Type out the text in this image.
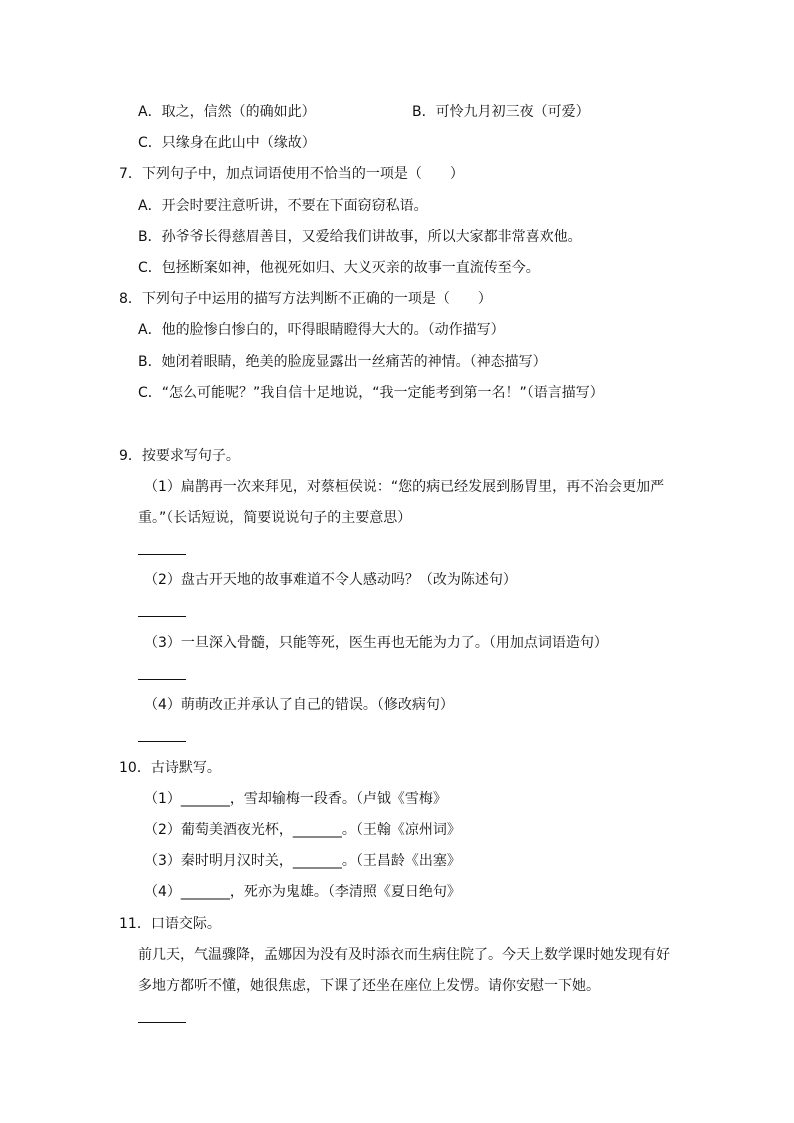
A．取之，信然（的确如此）	B．可怜九月初三夜（可爱）
C．只缘身在此山中（缘故）
7．下列句子中，加点词语使用不恰当的一项是（　　）
A．开会时要注意听讲，不要在下面窃窃私语。
B．孙爷爷长得慈眉善目，又爱给我们讲故事，所以大家都非常喜欢他。
C．包拯断案如神，他视死如归、大义灭亲的故事一直流传至今。
8．下列句子中运用的描写方法判断不正确的一项是（　　）
A．他的脸惨白惨白的，吓得眼睛瞪得大大的。（动作描写）
B．她闭着眼睛，绝美的脸庞显露出一丝痛苦的神情。（神态描写）
C．“怎么可能呢？”我自信十足地说，“我一定能考到第一名！”（语言描写）
9．按要求写句子。
（1）扁鹊再一次来拜见，对蔡桓侯说：“您的病已经发展到肠胃里，再不治会更加严
重。”（长话短说，简要说说句子的主要意思）
（2）盘古开天地的故事难道不令人感动吗？（改为陈述句）
（3）一旦深入骨髓，只能等死，医生再也无能为力了。（用加点词语造句）
（4）萌萌改正并承认了自己的错误。（修改病句）
10．古诗默写。
（1）_______，雪却输梅一段香。（卢钺《雪梅》
（2）葡萄美酒夜光杯，_______。（王翰《凉州词》
（3）秦时明月汉时关，_______。（王昌龄《出塞》
（4）_______，死亦为鬼雄。（李清照《夏日绝句》
11．口语交际。
前几天，气温骤降，孟娜因为没有及时添衣而生病住院了。今天上数学课时她发现有好
多地方都听不懂，她很焦虑，下课了还坐在座位上发愣。请你安慰一下她。
